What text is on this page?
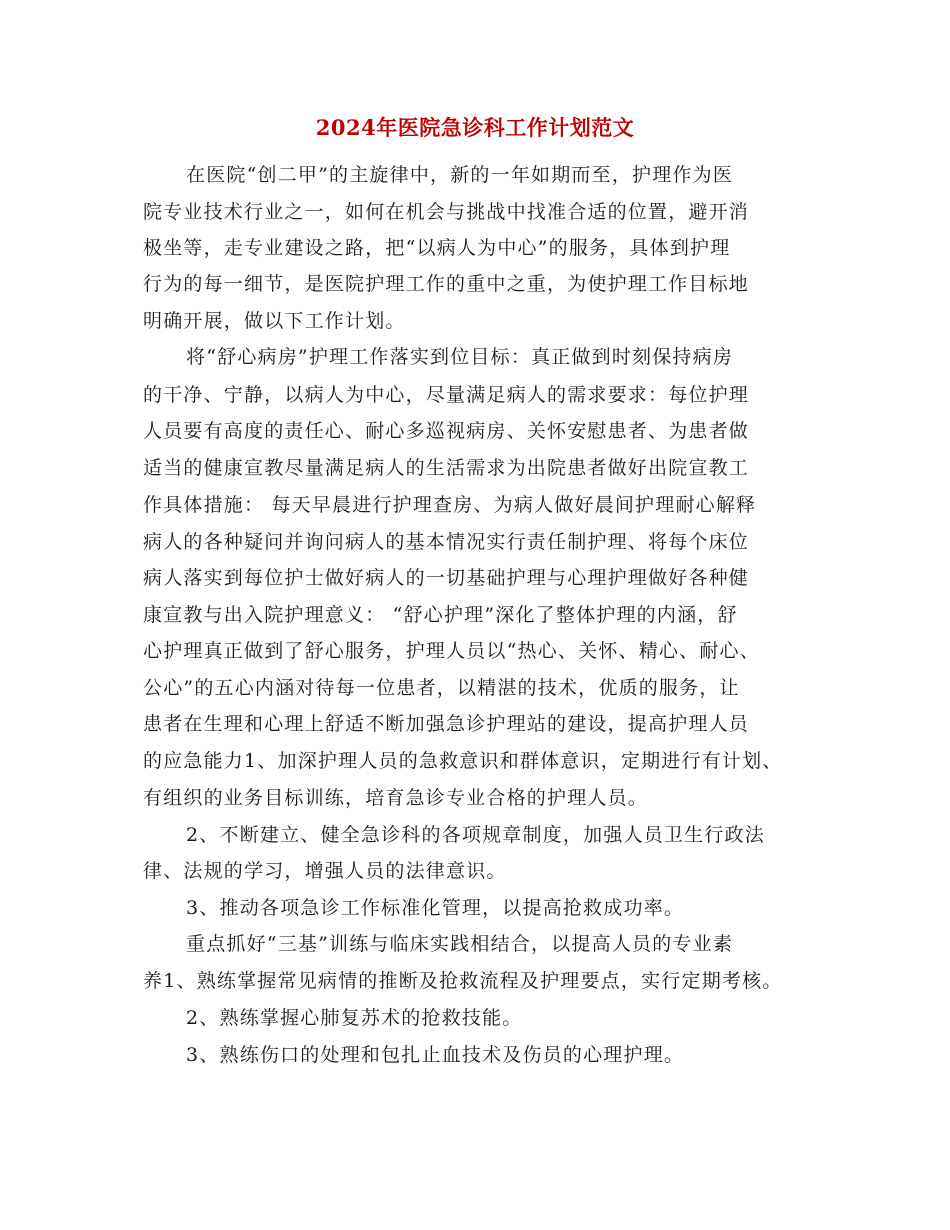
2024年医院急诊科工作计划范文
在医院“创二甲”的主旋律中，新的一年如期而至，护理作为医
院专业技术行业之一，如何在机会与挑战中找准合适的位置，避开消
极坐等，走专业建设之路，把“以病人为中心”的服务，具体到护理
行为的每一细节，是医院护理工作的重中之重，为使护理工作目标地
明确开展，做以下工作计划。
将“舒心病房”护理工作落实到位目标：真正做到时刻保持病房
的干净、宁静，以病人为中心，尽量满足病人的需求要求：每位护理
人员要有高度的责任心、耐心多巡视病房、关怀安慰患者、为患者做
适当的健康宣教尽量满足病人的生活需求为出院患者做好出院宣教工
作具体措施： 每天早晨进行护理查房、为病人做好晨间护理耐心解释
病人的各种疑问并询问病人的基本情况实行责任制护理、将每个床位
病人落实到每位护士做好病人的一切基础护理与心理护理做好各种健
康宣教与出入院护理意义： “舒心护理”深化了整体护理的内涵，舒
心护理真正做到了舒心服务，护理人员以“热心、关怀、精心、耐心、
公心”的五心内涵对待每一位患者，以精湛的技术，优质的服务，让
患者在生理和心理上舒适不断加强急诊护理站的建设，提高护理人员
的应急能力1、加深护理人员的急救意识和群体意识，定期进行有计划、
有组织的业务目标训练，培育急诊专业合格的护理人员。
2、不断建立、健全急诊科的各项规章制度，加强人员卫生行政法
律、法规的学习，增强人员的法律意识。
3、推动各项急诊工作标准化管理，以提高抢救成功率。
重点抓好“三基”训练与临床实践相结合，以提高人员的专业素
养1、熟练掌握常见病情的推断及抢救流程及护理要点，实行定期考核。
2、熟练掌握心肺复苏术的抢救技能。
3、熟练伤口的处理和包扎止血技术及伤员的心理护理。
